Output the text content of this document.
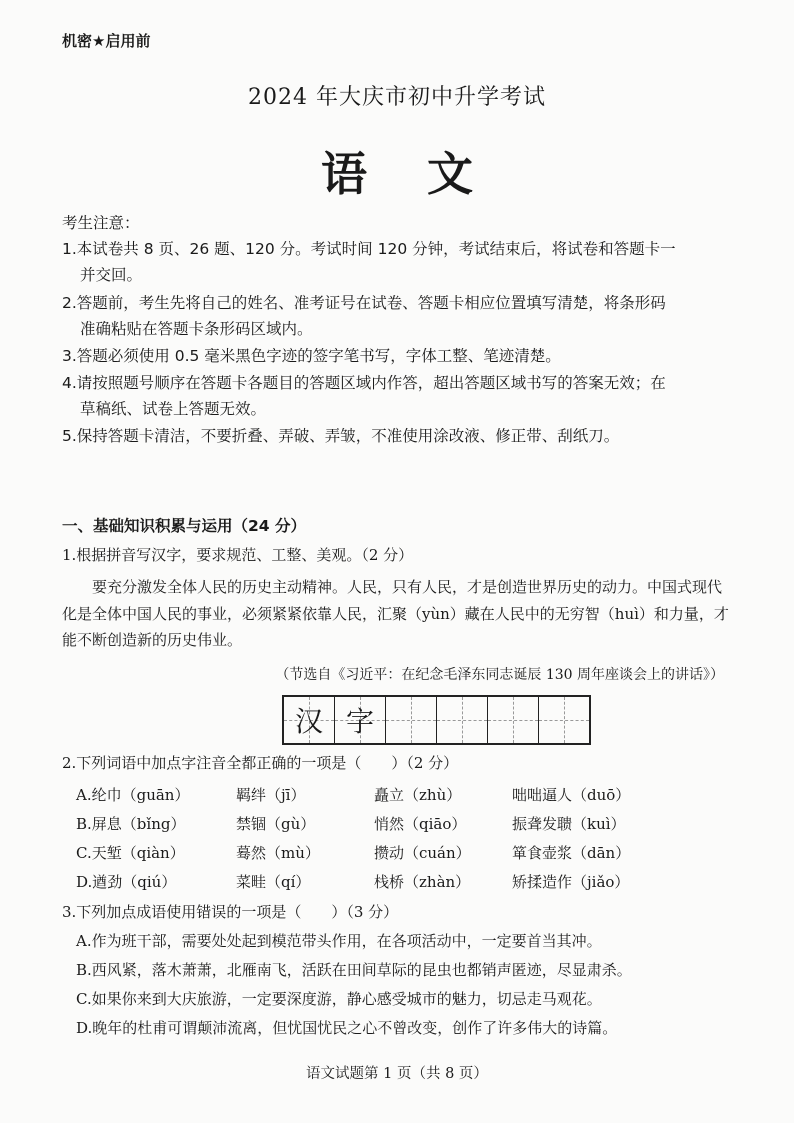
机密★启用前
2024 年大庆市初中升学考试
语文
考生注意：
1.本试卷共 8 页、26 题、120 分。考试时间 120 分钟，考试结束后，将试卷和答题卡一
并交回。
2.答题前，考生先将自己的姓名、准考证号在试卷、答题卡相应位置填写清楚，将条形码
准确粘贴在答题卡条形码区域内。
3.答题必须使用 0.5 毫米黑色字迹的签字笔书写，字体工整、笔迹清楚。
4.请按照题号顺序在答题卡各题目的答题区域内作答，超出答题区域书写的答案无效；在
草稿纸、试卷上答题无效。
5.保持答题卡清洁，不要折叠、弄破、弄皱，不准使用涂改液、修正带、刮纸刀。
一、基础知识积累与运用（24 分）
1.根据拼音写汉字，要求规范、工整、美观。（2 分）
要充分激发全体人民的历史主动精神。人民，只有人民，才是创造世界历史的动力。中国式现代化是全体中国人民的事业，必须紧紧依靠人民，汇聚（yùn）藏在人民中的无穷智（huì）和力量，才能不断创造新的历史伟业。
（节选自《习近平：在纪念毛泽东同志诞辰 130 周年座谈会上的讲话》）
汉 字
2.下列词语中加点字注音全都正确的一项是（　　）（2 分）
A.纶巾（guān）	羁绊（jī）	矗立（zhù）	咄咄逼人（duō）
B.屏息（bǐng）	禁锢（gù）	悄然（qiāo）	振聋发聩（kuì）
C.天堑（qiàn）	蓦然（mù）	攒动（cuán）	箪食壶浆（dān）
D.遒劲（qiú）	菜畦（qí）	栈桥（zhàn）	矫揉造作（jiǎo）
3.下列加点成语使用错误的一项是（　　）（3 分）
A.作为班干部，需要处处起到模范带头作用，在各项活动中，一定要首当其冲。
B.西风紧，落木萧萧，北雁南飞，活跃在田间草际的昆虫也都销声匿迹，尽显肃杀。
C.如果你来到大庆旅游，一定要深度游，静心感受城市的魅力，切忌走马观花。
D.晚年的杜甫可谓颠沛流离，但忧国忧民之心不曾改变，创作了许多伟大的诗篇。
语文试题第 1 页（共 8 页）
